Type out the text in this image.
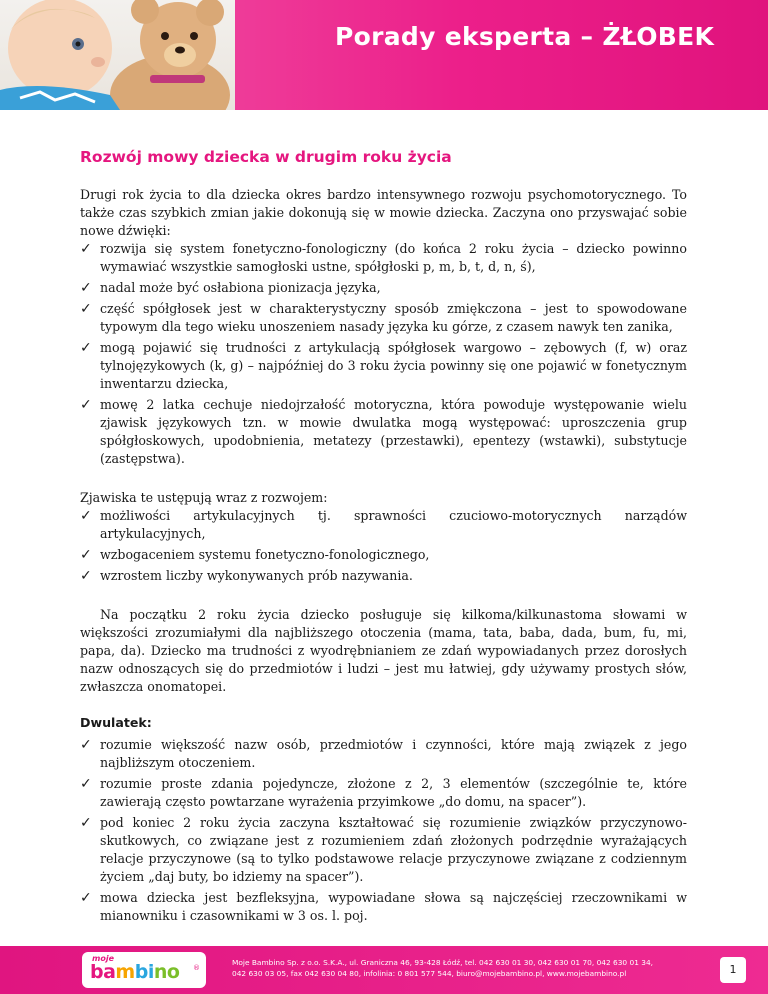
Porady eksperta – ŻŁOBEK
Rozwój mowy dziecka w drugim roku życia

Drugi rok życia to dla dziecka okres bardzo intensywnego rozwoju psychomotorycznego. To także czas szybkich zmian jakie dokonują się w mowie dziecka. Zaczyna ono przyswajać sobie nowe dźwięki:

✓ rozwija się system fonetyczno-fonologiczny (do końca 2 roku życia – dziecko powinno wymawiać wszystkie samogłoski ustne, spółgłoski p, m, b, t, d, n, ś),
✓ nadal może być osłabiona pionizacja języka,
✓ część spółgłosek jest w charakterystyczny sposób zmiękczona – jest to spowodowane typowym dla tego wieku unoszeniem nasady języka ku górze, z czasem nawyk ten zanika,
✓ mogą pojawić się trudności z artykulacją spółgłosek wargowo – zębowych (f, w) oraz tylnojęzykowych (k, g) – najpóźniej do 3 roku życia powinny się one pojawić w fonetycznym inwentarzu dziecka,
✓ mowę 2 latka cechuje niedojrzałość motoryczna, która powoduje występowanie wielu zjawisk językowych tzn. w mowie dwulatka mogą występować: uproszczenia grup spółgłoskowych, upodobnienia, metatezy (przestawki), epentezy (wstawki), substytucje (zastępstwa).

Zjawiska te ustępują wraz z rozwojem:

✓ możliwości artykulacyjnych tj. sprawności czuciowo-motorycznych narządów artykulacyjnych,
✓ wzbogaceniem systemu fonetyczno-fonologicznego,
✓ wzrostem liczby wykonywanych prób nazywania.

Na początku 2 roku życia dziecko posługuje się kilkoma/kilkunastoma słowami w większości zrozumiałymi dla najbliższego otoczenia (mama, tata, baba, dada, bum, fu, mi, papa, da). Dziecko ma trudności z wyodrębnianiem ze zdań wypowiadanych przez dorosłych nazw odnoszących się do przedmiotów i ludzi – jest mu łatwiej, gdy używamy prostych słów, zwłaszcza onomatopei.

Dwulatek:

✓ rozumie większość nazw osób, przedmiotów i czynności, które mają związek z jego najbliższym otoczeniem.
✓ rozumie proste zdania pojedyncze, złożone z 2, 3 elementów (szczególnie te, które zawierają często powtarzane wyrażenia przyimkowe „do domu, na spacer”).
✓ pod koniec 2 roku życia zaczyna kształtować się rozumienie związków przyczynowo-skutkowych, co związane jest z rozumieniem zdań złożonych podrzędnie wyrażających relacje przyczynowe (są to tylko podstawowe relacje przyczynowe związane z codziennym życiem „daj buty, bo idziemy na spacer”).
✓ mowa dziecka jest bezfleksyjna, wypowiadane słowa są najczęściej rzeczownikami w mianowniku i czasownikami w 3 os. l. poj.
moje
bambino ®
Moje Bambino Sp. z o.o. S.K.A., ul. Graniczna 46, 93-428 Łódź, tel. 042 630 01 30, 042 630 01 70, 042 630 01 34,
042 630 03 05, fax 042 630 04 80, infolinia: 0 801 577 544, biuro@mojebambino.pl, www.mojebambino.pl	1
